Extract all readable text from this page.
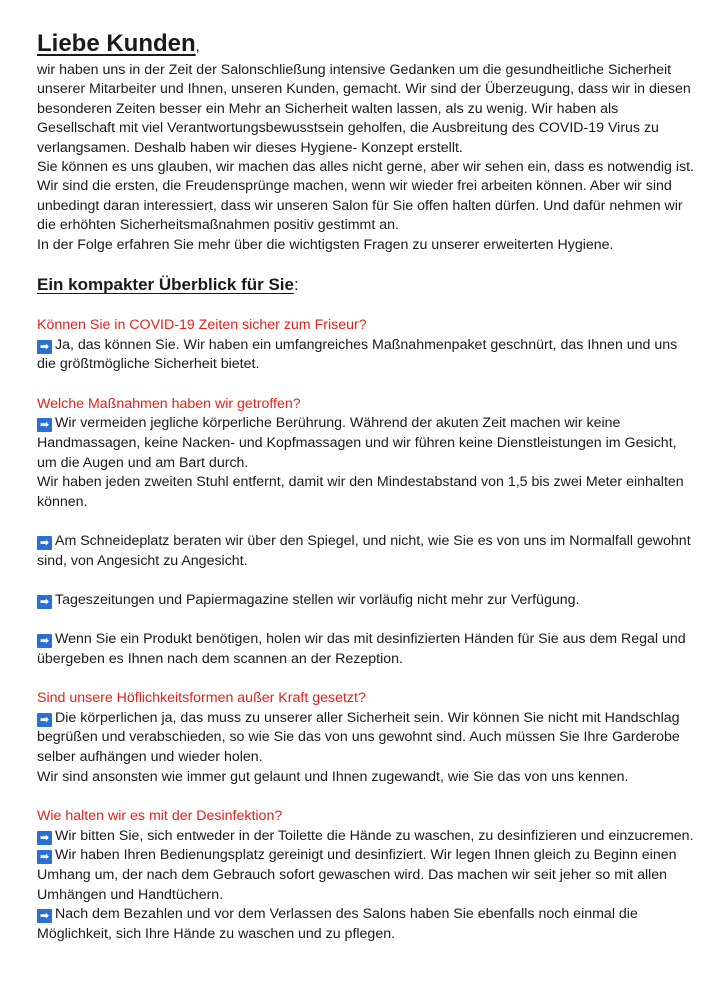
Liebe Kunden,

wir haben uns in der Zeit der Salonschließung intensive Gedanken um die gesundheitliche Sicherheit unserer Mitarbeiter und Ihnen, unseren Kunden, gemacht. Wir sind der Überzeugung, dass wir in diesen besonderen Zeiten besser ein Mehr an Sicherheit walten lassen, als zu wenig. Wir haben als Gesellschaft mit viel Verantwortungsbewusstsein geholfen, die Ausbreitung des COVID-19 Virus zu verlangsamen. Deshalb haben wir dieses Hygiene- Konzept erstellt.

Sie können es uns glauben, wir machen das alles nicht gerne, aber wir sehen ein, dass es notwendig ist. Wir sind die ersten, die Freudensprünge machen, wenn wir wieder frei arbeiten können. Aber wir sind unbedingt daran interessiert, dass wir unseren Salon für Sie offen halten dürfen. Und dafür nehmen wir die erhöhten Sicherheitsmaßnahmen positiv gestimmt an.

In der Folge erfahren Sie mehr über die wichtigsten Fragen zu unserer erweiterten Hygiene.

Ein kompakter Überblick für Sie:

Können Sie in COVID-19 Zeiten sicher zum Friseur?

➡ Ja, das können Sie. Wir haben ein umfangreiches Maßnahmenpaket geschnürt, das Ihnen und uns die größtmögliche Sicherheit bietet.

Welche Maßnahmen haben wir getroffen?

➡ Wir vermeiden jegliche körperliche Berührung. Während der akuten Zeit machen wir keine Handmassagen, keine Nacken- und Kopfmassagen und wir führen keine Dienstleistungen im Gesicht, um die Augen und am Bart durch.

Wir haben jeden zweiten Stuhl entfernt, damit wir den Mindestabstand von 1,5 bis zwei Meter einhalten können.

➡ Am Schneideplatz beraten wir über den Spiegel, und nicht, wie Sie es von uns im Normalfall gewohnt sind, von Angesicht zu Angesicht.

➡ Tageszeitungen und Papiermagazine stellen wir vorläufig nicht mehr zur Verfügung.

➡ Wenn Sie ein Produkt benötigen, holen wir das mit desinfizierten Händen für Sie aus dem Regal und übergeben es Ihnen nach dem scannen an der Rezeption.

Sind unsere Höflichkeitsformen außer Kraft gesetzt?

➡ Die körperlichen ja, das muss zu unserer aller Sicherheit sein. Wir können Sie nicht mit Handschlag begrüßen und verabschieden, so wie Sie das von uns gewohnt sind. Auch müssen Sie Ihre Garderobe selber aufhängen und wieder holen.

Wir sind ansonsten wie immer gut gelaunt und Ihnen zugewandt, wie Sie das von uns kennen.

Wie halten wir es mit der Desinfektion?

➡ Wir bitten Sie, sich entweder in der Toilette die Hände zu waschen, zu desinfizieren und einzucremen.

➡ Wir haben Ihren Bedienungsplatz gereinigt und desinfiziert. Wir legen Ihnen gleich zu Beginn einen Umhang um, der nach dem Gebrauch sofort gewaschen wird. Das machen wir seit jeher so mit allen Umhängen und Handtüchern.

➡ Nach dem Bezahlen und vor dem Verlassen des Salons haben Sie ebenfalls noch einmal die Möglichkeit, sich Ihre Hände zu waschen und zu pflegen.
